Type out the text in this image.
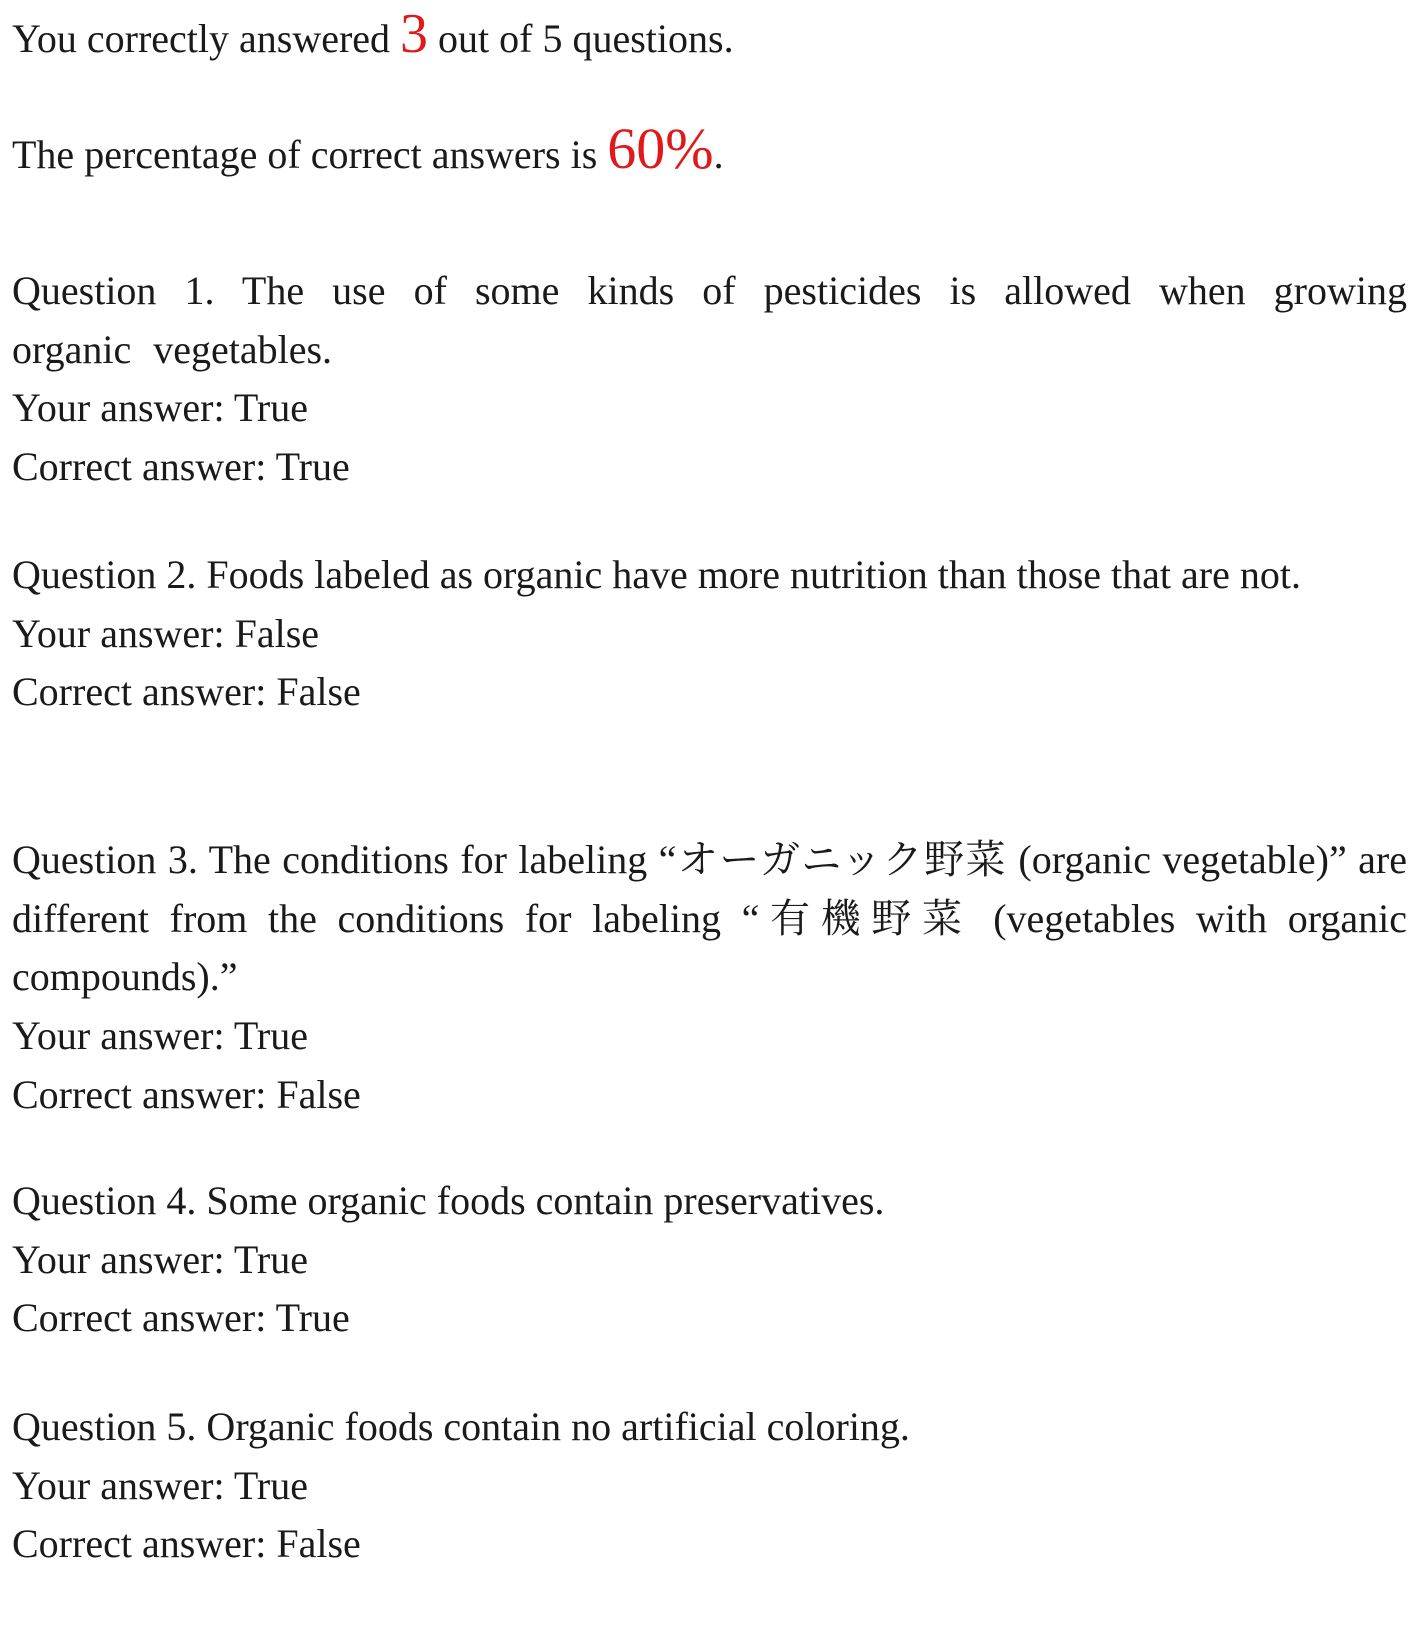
You correctly answered 3 out of 5 questions.
The percentage of correct answers is 60%.
Question 1. The use of some kinds of pesticides is allowed when growing organic vegetables.
Your answer: True
Correct answer: True
Question 2. Foods labeled as organic have more nutrition than those that are not.
Your answer: False
Correct answer: False
Question 3. The conditions for labeling “オーガニック野菜 (organic vegetable)” are different from the conditions for labeling “有機野菜 (vegetables with organic compounds).”
Your answer: True
Correct answer: False
Question 4. Some organic foods contain preservatives.
Your answer: True
Correct answer: True
Question 5. Organic foods contain no artificial coloring.
Your answer: True
Correct answer: False
